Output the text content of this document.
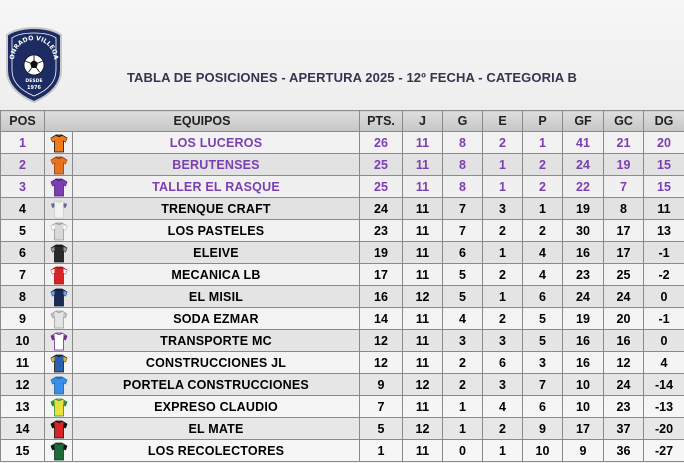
ONRADO VILLEGA
DESDE
1976
TABLA DE POSICIONES - APERTURA 2025 - 12º FECHA - CATEGORIA B
POS	EQUIPOS		PTS.	J	G	E	P	GF	GC	DG
1		LOS LUCEROS	26	11	8	2	1	41	21	20
2		BERUTENSES	25	11	8	1	2	24	19	15
3		TALLER EL RASQUE	25	11	8	1	2	22	7	15
4		TRENQUE CRAFT	24	11	7	3	1	19	8	11
5		LOS PASTELES	23	11	7	2	2	30	17	13
6		ELEIVE	19	11	6	1	4	16	17	-1
7		MECANICA LB	17	11	5	2	4	23	25	-2
8		EL MISIL	16	12	5	1	6	24	24	0
9		SODA EZMAR	14	11	4	2	5	19	20	-1
10		TRANSPORTE MC	12	11	3	3	5	16	16	0
11		CONSTRUCCIONES JL	12	11	2	6	3	16	12	4
12		PORTELA CONSTRUCCIONES	9	12	2	3	7	10	24	-14
13		EXPRESO CLAUDIO	7	11	1	4	6	10	23	-13
14		EL MATE	5	12	1	2	9	17	37	-20
15		LOS RECOLECTORES	1	11	0	1	10	9	36	-27
